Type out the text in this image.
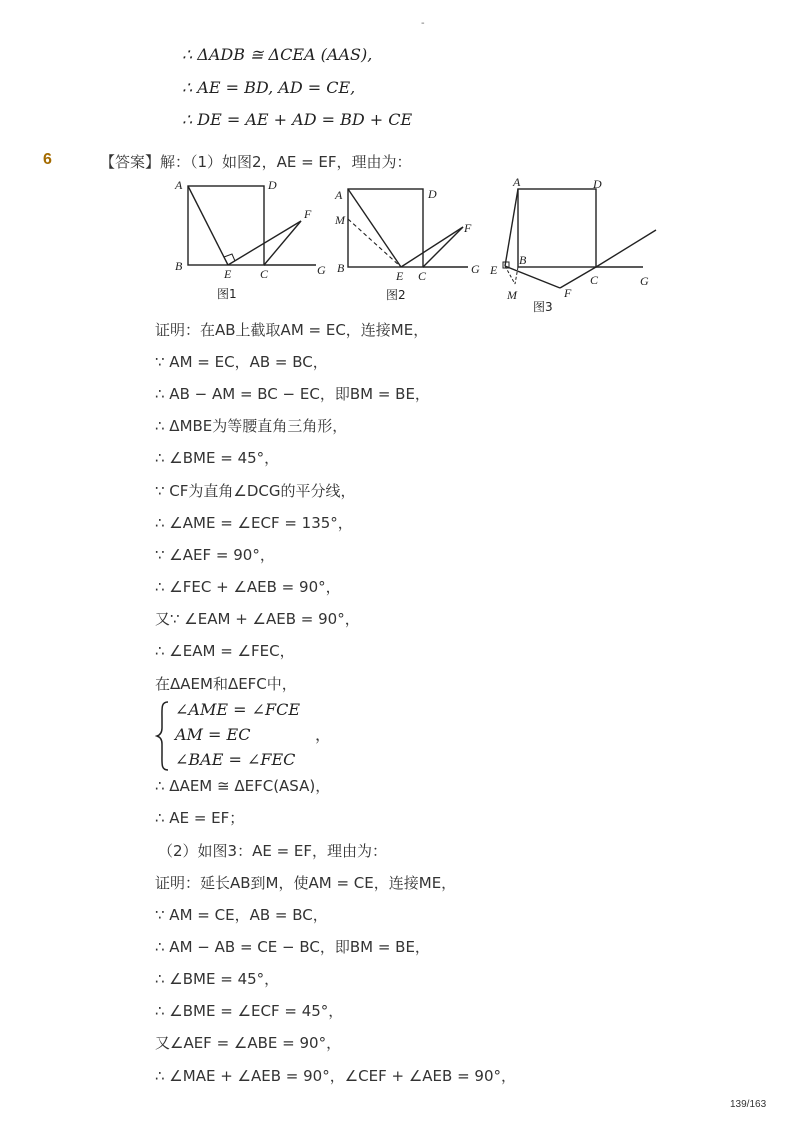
-
∴ ΔADB ≅ ΔCEA (AAS),
∴ AE = BD, AD = CE,
∴ DE = AE + AD = BD + CE
6	【答案】解：（1）如图2，AE = EF，理由为：
A	D
B
E C
F
G
A	D
M
B
E C
F
G
A	D
B
E
C	G
M	F
图1	图2
图3
证明：在AB上截取AM = EC，连接ME，
∵ AM = EC，AB = BC，
∴ AB − AM = BC − EC，即BM = BE，
∴ ΔMBE为等腰直角三角形，
∴ ∠BME = 45°，
∵ CF为直角∠DCG的平分线，
∴ ∠AME = ∠ECF = 135°，
∵ ∠AEF = 90°，
∴ ∠FEC + ∠AEB = 90°，
又∵ ∠EAM + ∠AEB = 90°，
∴ ∠EAM = ∠FEC，
在ΔAEM和ΔEFC中，
∠AME = ∠FCE
AM = EC
∠BAE = ∠FEC
，
∴ ΔAEM ≅ ΔEFC(ASA)，
∴ AE = EF；
（2）如图3：AE = EF，理由为：
证明：延长AB到M，使AM = CE，连接ME，
∵ AM = CE，AB = BC，
∴ AM − AB = CE − BC，即BM = BE，
∴ ∠BME = 45°，
∴ ∠BME = ∠ECF = 45°，
又∠AEF = ∠ABE = 90°，
∴ ∠MAE + ∠AEB = 90°，∠CEF + ∠AEB = 90°，
139/163
